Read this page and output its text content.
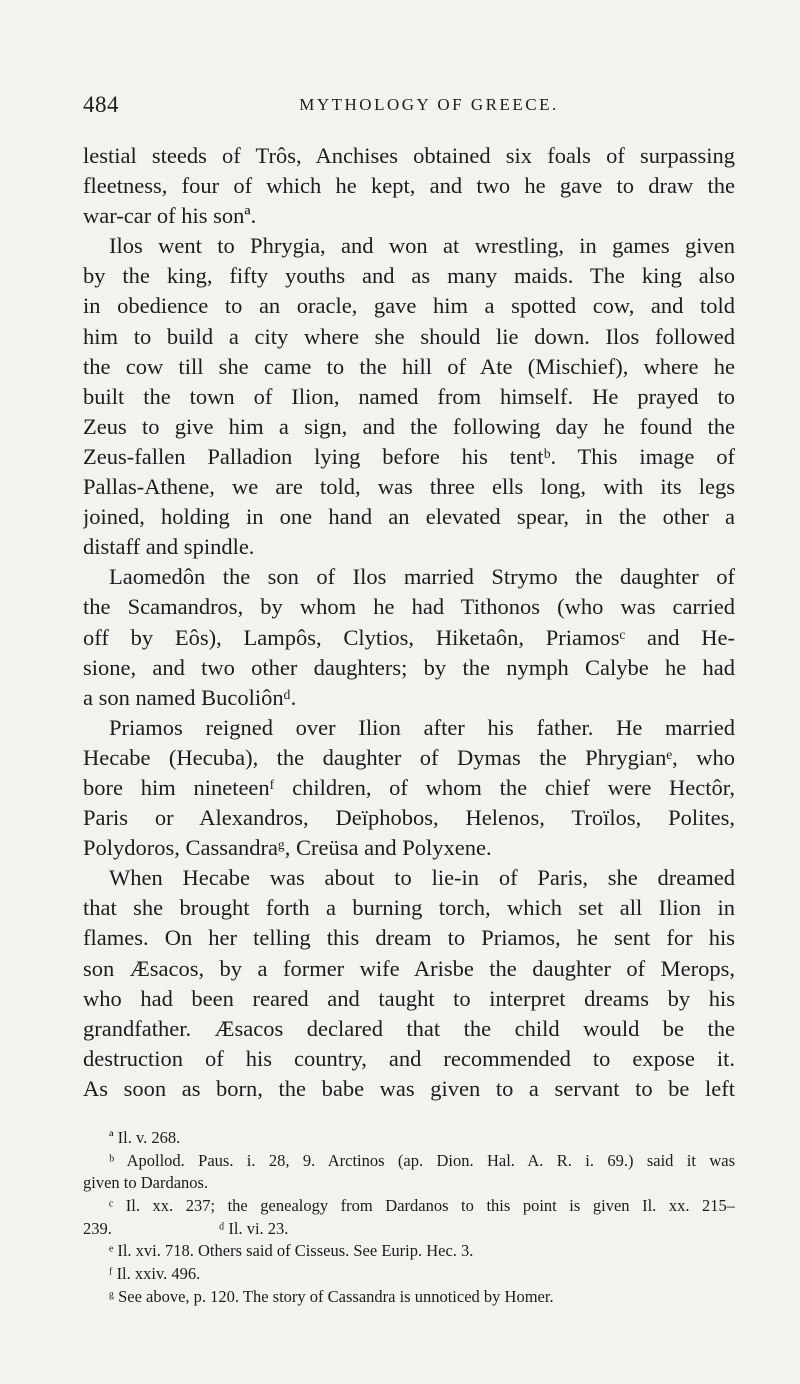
484	MYTHOLOGY OF GREECE.
lestial steeds of Trôs, Anchises obtained six foals of surpassing
fleetness, four of which he kept, and two he gave to draw the
war-car of his sonª.
Ilos went to Phrygia, and won at wrestling, in games given
by the king, fifty youths and as many maids. The king also
in obedience to an oracle, gave him a spotted cow, and told
him to build a city where she should lie down. Ilos followed
the cow till she came to the hill of Ate (Mischief), where he
built the town of Ilion, named from himself. He prayed to
Zeus to give him a sign, and the following day he found the
Zeus-fallen Palladion lying before his tentᵇ. This image of
Pallas-Athene, we are told, was three ells long, with its legs
joined, holding in one hand an elevated spear, in the other a
distaff and spindle.
Laomedôn the son of Ilos married Strymo the daughter of
the Scamandros, by whom he had Tithonos (who was carried
off by Eôs), Lampôs, Clytios, Hiketaôn, Priamosᶜ and He-
sione, and two other daughters; by the nymph Calybe he had
a son named Bucoliônᵈ.
Priamos reigned over Ilion after his father. He married
Hecabe (Hecuba), the daughter of Dymas the Phrygianᵉ, who
bore him nineteenᶠ children, of whom the chief were Hectôr,
Paris or Alexandros, Deïphobos, Helenos, Troïlos, Polites,
Polydoros, Cassandraᵍ, Creüsa and Polyxene.
When Hecabe was about to lie-in of Paris, she dreamed
that she brought forth a burning torch, which set all Ilion in
flames. On her telling this dream to Priamos, he sent for his
son Æsacos, by a former wife Arisbe the daughter of Merops,
who had been reared and taught to interpret dreams by his
grandfather. Æsacos declared that the child would be the
destruction of his country, and recommended to expose it.
As soon as born, the babe was given to a servant to be left
ª Il. v. 268.
ᵇ Apollod. Paus. i. 28, 9. Arctinos (ap. Dion. Hal. A. R. i. 69.) said it was
given to Dardanos.
ᶜ Il. xx. 237; the genealogy from Dardanos to this point is given Il. xx. 215–
239.                          ᵈ Il. vi. 23.
ᵉ Il. xvi. 718. Others said of Cisseus. See Eurip. Hec. 3.
ᶠ Il. xxiv. 496.
ᵍ See above, p. 120. The story of Cassandra is unnoticed by Homer.
